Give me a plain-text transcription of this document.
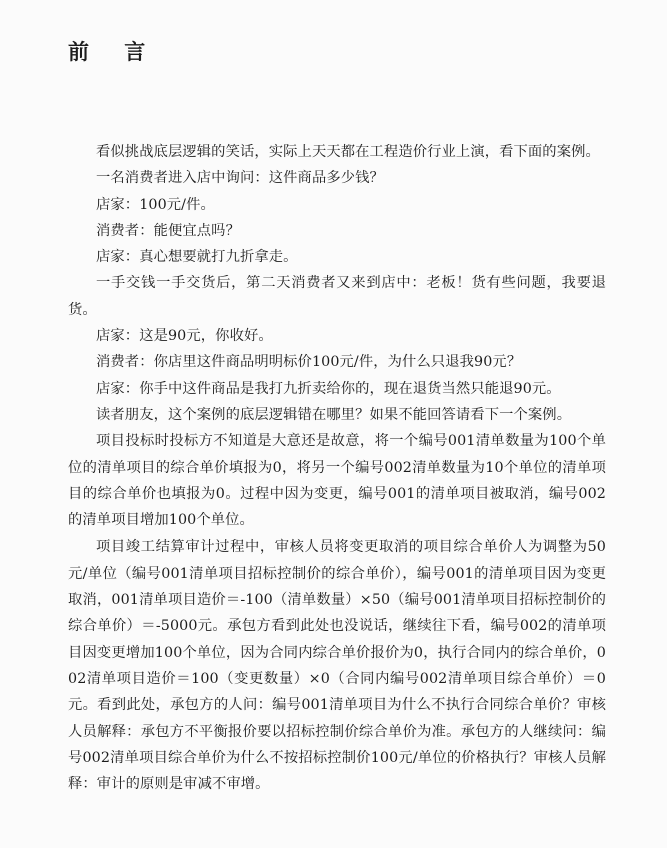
前 言

看似挑战底层逻辑的笑话，实际上天天都在工程造价行业上演，看下面的案例。

一名消费者进入店中询问：这件商品多少钱？

店家：100元/件。

消费者：能便宜点吗？

店家：真心想要就打九折拿走。

一手交钱一手交货后，第二天消费者又来到店中：老板！货有些问题，我要退货。

店家：这是90元，你收好。

消费者：你店里这件商品明明标价100元/件，为什么只退我90元？

店家：你手中这件商品是我打九折卖给你的，现在退货当然只能退90元。

读者朋友，这个案例的底层逻辑错在哪里？如果不能回答请看下一个案例。

项目投标时投标方不知道是大意还是故意，将一个编号001清单数量为100个单位的清单项目的综合单价填报为0，将另一个编号002清单数量为10个单位的清单项目的综合单价也填报为0。过程中因为变更，编号001的清单项目被取消，编号002的清单项目增加100个单位。

项目竣工结算审计过程中，审核人员将变更取消的项目综合单价人为调整为50元/单位（编号001清单项目招标控制价的综合单价），编号001的清单项目因为变更取消，001清单项目造价＝-100（清单数量）×50（编号001清单项目招标控制价的综合单价）＝-5000元。承包方看到此处也没说话，继续往下看，编号002的清单项目因变更增加100个单位，因为合同内综合单价报价为0，执行合同内的综合单价，002清单项目造价＝100（变更数量）×0（合同内编号002清单项目综合单价）＝0元。看到此处，承包方的人问：编号001清单项目为什么不执行合同综合单价？审核人员解释：承包方不平衡报价要以招标控制价综合单价为准。承包方的人继续问：编号002清单项目综合单价为什么不按招标控制价100元/单位的价格执行？审核人员解释：审计的原则是审减不审增。
